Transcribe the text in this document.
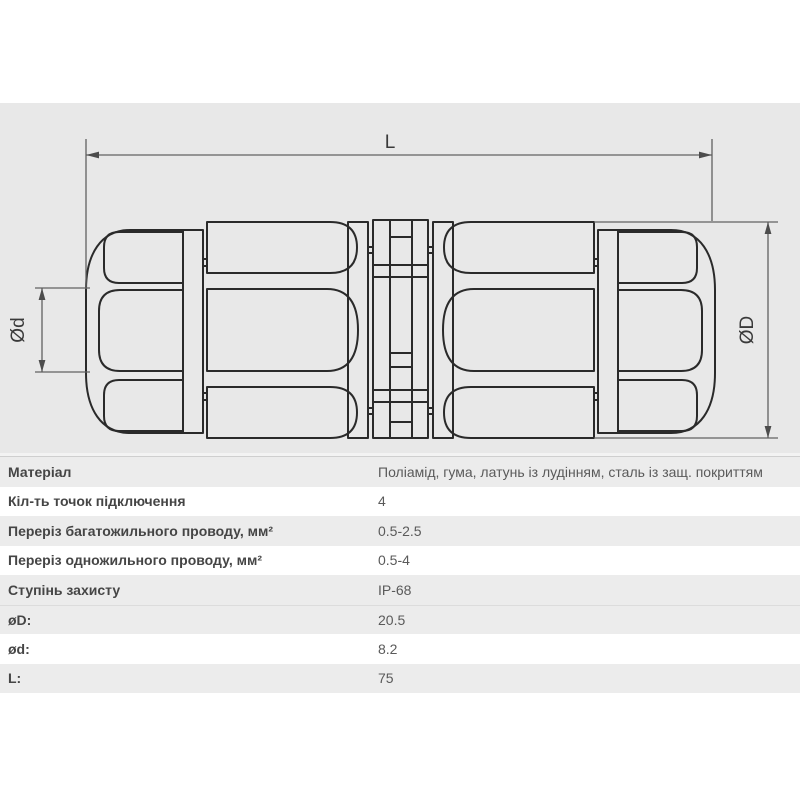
L
Ød	ØD
Матеріал	Поліамід, гума, латунь із лудінням, сталь із защ. покриттям
Кіл-ть точок підключення	4
Переріз багатожильного проводу, мм²	0.5-2.5
Переріз одножильного проводу, мм²	0.5-4
Ступінь захисту	IP-68
øD:	20.5
ød:	8.2
L:	75
